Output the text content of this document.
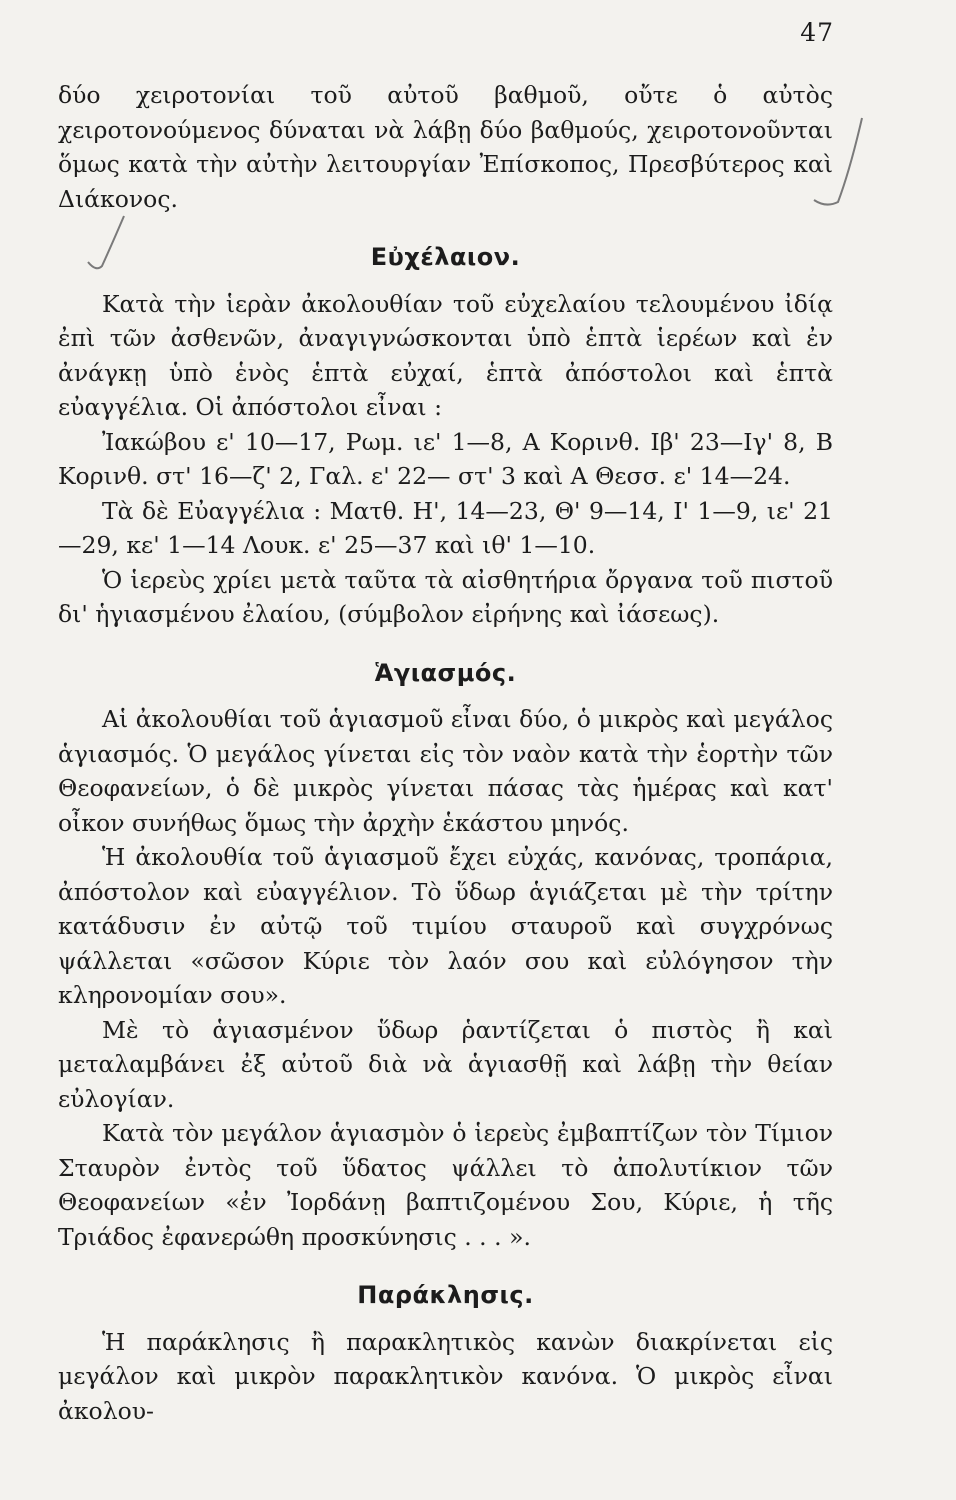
47

δύο χειροτονίαι τοῦ αὐτοῦ βαθμοῦ, οὔτε ὁ αὐτὸς χειροτονούμενος δύναται νὰ λάβῃ δύο βαθμούς, χειροτονοῦνται ὅμως κατὰ τὴν αὐτὴν λειτουργίαν Ἐπίσκοπος, Πρεσβύτερος καὶ Διάκονος.

Εὐχέλαιον.

Κατὰ τὴν ἱερὰν ἀκολουθίαν τοῦ εὐχελαίου τελουμένου ἰδίᾳ ἐπὶ τῶν ἀσθενῶν, ἀναγιγνώσκονται ὑπὸ ἑπτὰ ἱερέων καὶ ἐν ἀνάγκῃ ὑπὸ ἑνὸς ἑπτὰ εὐχαί, ἑπτὰ ἀπόστολοι καὶ ἑπτὰ εὐαγγέλια. Οἱ ἀπόστολοι εἶναι :

Ἰακώβου ε' 10—17, Ρωμ. ιε' 1—8, Α Κορινθ. Ιβ' 23—Ιγ' 8, Β Κορινθ. στ' 16—ζ' 2, Γαλ. ε' 22— στ' 3 καὶ Α Θεσσ. ε' 14—24.

Τὰ δὲ Εὐαγγέλια : Ματθ. Η', 14—23, Θ' 9—14, Ι' 1—9, ιε' 21—29, κε' 1—14 Λουκ. ε' 25—37 καὶ ιθ' 1—10.

Ὁ ἱερεὺς χρίει μετὰ ταῦτα τὰ αἰσθητήρια ὄργανα τοῦ πιστοῦ δι' ἡγιασμένου ἐλαίου, (σύμβολον εἰρήνης καὶ ἰάσεως).

Ἁγιασμός.

Αἱ ἀκολουθίαι τοῦ ἁγιασμοῦ εἶναι δύο, ὁ μικρὸς καὶ μεγάλος ἁγιασμός. Ὁ μεγάλος γίνεται εἰς τὸν ναὸν κατὰ τὴν ἑορτὴν τῶν Θεοφανείων, ὁ δὲ μικρὸς γίνεται πάσας τὰς ἡμέρας καὶ κατ' οἶκον συνήθως ὅμως τὴν ἀρχὴν ἑκάστου μηνός.

Ἡ ἀκολουθία τοῦ ἁγιασμοῦ ἔχει εὐχάς, κανόνας, τροπάρια, ἀπόστολον καὶ εὐαγγέλιον. Τὸ ὕδωρ ἁγιάζεται μὲ τὴν τρίτην κατάδυσιν ἐν αὐτῷ τοῦ τιμίου σταυροῦ καὶ συγχρόνως ψάλλεται «σῶσον Κύριε τὸν λαόν σου καὶ εὐλόγησον τὴν κληρονομίαν σου».

Μὲ τὸ ἁγιασμένον ὕδωρ ῥαντίζεται ὁ πιστὸς ἢ καὶ μεταλαμβάνει ἐξ αὐτοῦ διὰ νὰ ἁγιασθῇ καὶ λάβῃ τὴν θείαν εὐλογίαν.

Κατὰ τὸν μεγάλον ἁγιασμὸν ὁ ἱερεὺς ἐμβαπτίζων τὸν Τίμιον Σταυρὸν ἐντὸς τοῦ ὕδατος ψάλλει τὸ ἀπολυτίκιον τῶν Θεοφανείων «ἐν Ἰορδάνῃ βαπτιζομένου Σου, Κύριε, ἡ τῆς Τριάδος ἐφανερώθη προσκύνησις . . . ».

Παράκλησις.

Ἡ παράκλησις ἢ παρακλητικὸς κανὼν διακρίνεται εἰς μεγάλον καὶ μικρὸν παρακλητικὸν κανόνα. Ὁ μικρὸς εἶναι ἀκολου-
